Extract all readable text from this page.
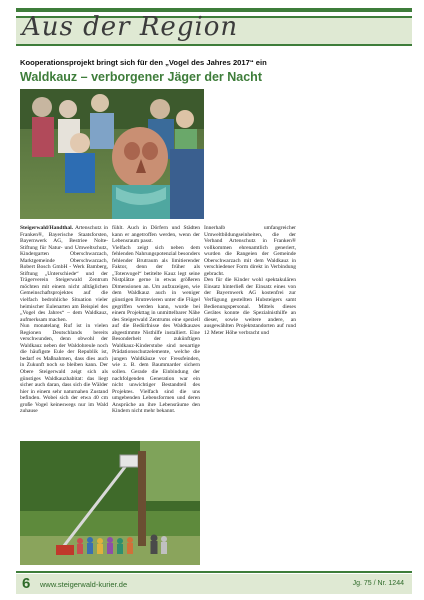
Aus der Region
Kooperationsprojekt bringt sich für den „Vogel des Jahres 2017“ ein
Waldkauz – verborgener Jäger der Nacht

Steigerwald/Handthal. Artenschutz in Franken®, Bayerische Staatsforsten, Bayernwerk AG, Bestriee Nolte-Stiftung für Natur- und Umweltschutz, Kindergarten Oberschwarzach, Marktgemeinde Oberschwarzach, Robert Bosch GmbH - Werk Bamberg, Stiftung „Unterschiede“ und der Trägerverein Steigerwald Zentrum möchten mit einem nicht alltäglichen Gemeinschaftsprojektes auf die vielfach bedrohliche Situation vieler heimischer Eulenarten am Beispiel des „Vogel des Jahres“ – dem Waldkauz, aufmerksam machen.

Nun monatelang Ruf ist in vielen Regionen Deutschlands bereits verschwunden, denn obwohl der Waldkauz neben der Waldohreule noch die häufigste Eule der Republik ist, bedarf es Maßnahmen, dass dies auch in Zukunft noch so bleiben kann. Der Obere Steigerwald zeigt sich als günstiges Waldkauzhabitat: das liegt sicher auch daran, dass sich die Wälder hier in einem sehr naturnahen Zustand befinden. Wobei sich der etwa 40 cm große Vogel keineswegs nur im Wald zuhause

fühlt. Auch in Dörfern und Städten kann er angetroffen werden, wenn der Lebensraum passt.

Vielfach zeigt sich neben dem fehlenden Nahrungspotenzial besonders fehlender Brutraum als limitierender Faktor, denn der früher als „Totenvogel“ betitelte Kauz legt seine Nistplätze gerne in etwas größeren Dimensionen an. Um aufzuzeigen, wie dem Waldkauz auch in weniger günstigen Brutrevieren unter die Flügel gegriffen werden kann, wurde bei einem Projekttag in unmittelbarer Nähe des Steigerwald Zentrums eine speziell auf die Bedürfnisse des Waldkauzes abgestimmte Nisthilfe installiert. Eine Besonderheit der zukünftigen Waldkauz-Kinderstube sind neuartige Prädationsschutzelemente, welche die jungen Waldkäuze vor Fressfeinden, wie z. B. dem Baummarder sichern sollen. Gerade die Einbindung der nachfolgenden Generation war ein nicht unwichtiger Bestandteil des Projektes. Vielfach sind die uns umgebenden Lebensformen und deren Ansprüche an ihre Lebensräume den Kindern nicht mehr bekannt.

Innerhalb umfangreicher Umweltbildungseinheiten, die der Verband Artenschutz in Franken® vollkommen ehrenamtlich generiert, wurden die Rangeien der Gemeinde Oberschwarzach mit dem Waldkauz in verschiedener Form direkt in Verbindung gebracht.

Den für die Kinder wohl spektakulären Einsatz hinterließ der Einsatz eines von der Bayernwerk AG kostenfrei zur Verfügung gestellten Hubsteigers samt Bedienungspersonal. Mittels dieses Gerätes konnte die Spezialnisthilfe an dieser, sowie weitere andere, an ausgewählten Projektstandorten auf rund 12 Meter Höhe verbracht und

6 www.steigerwald-kurier.de	Jg. 75 / Nr. 1244
